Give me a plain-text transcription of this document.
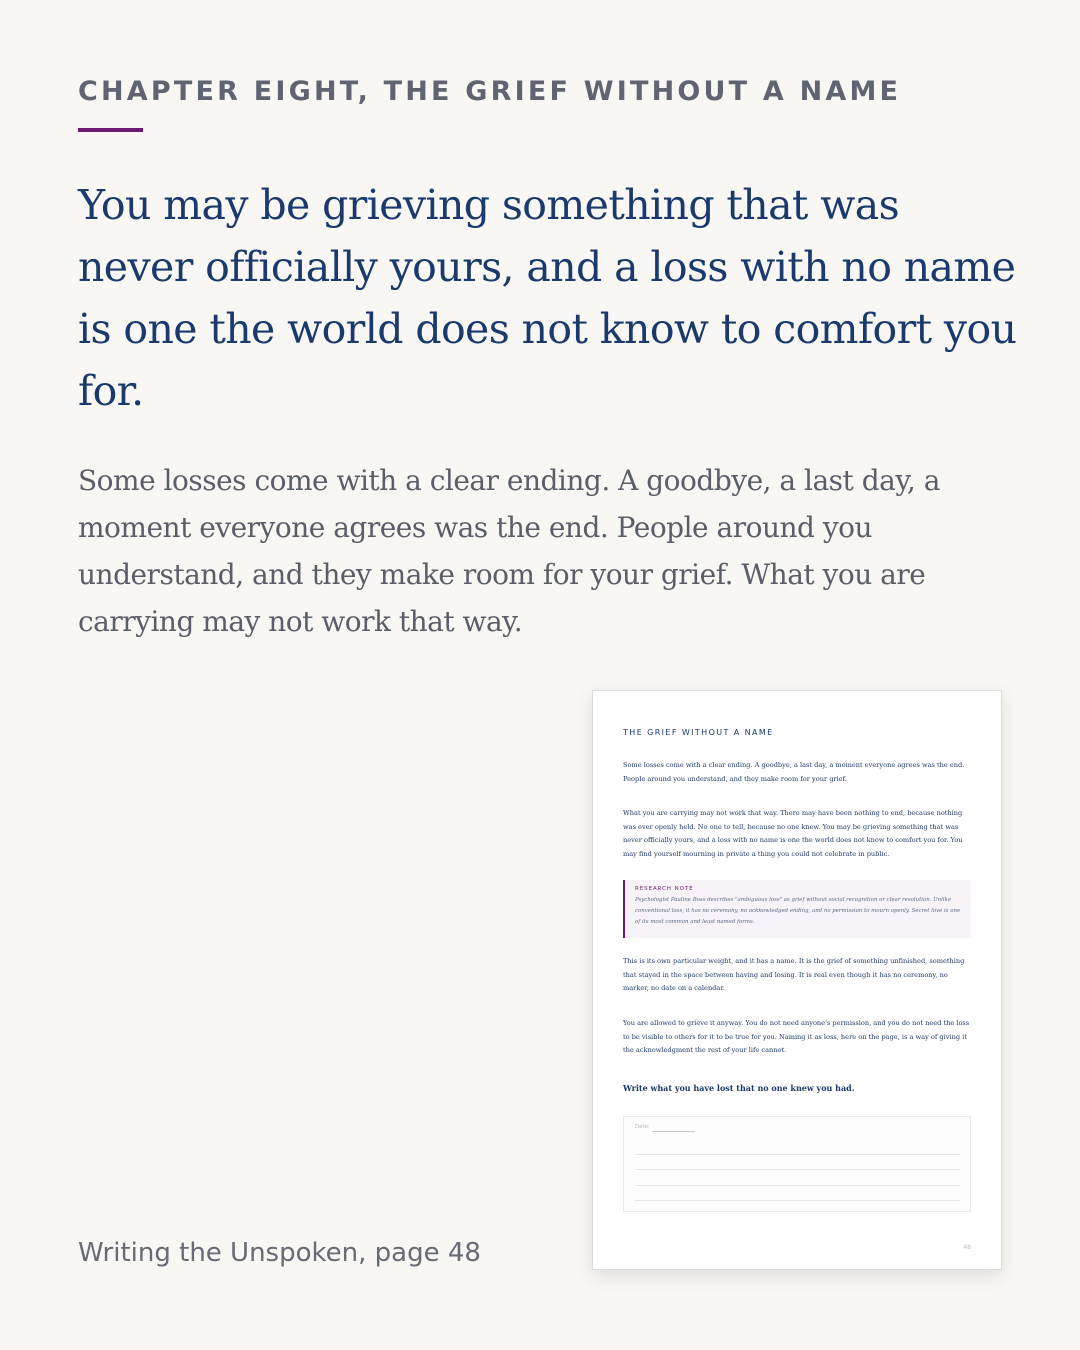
CHAPTER EIGHT, THE GRIEF WITHOUT A NAME
You may be grieving something that was never officially yours, and a loss with no name is one the world does not know to comfort you for.

Some losses come with a clear ending. A goodbye, a last day, a moment everyone agrees was the end. People around you understand, and they make room for your grief. What you are carrying may not work that way.

Writing the Unspoken, page 48
THE GRIEF WITHOUT A NAME

Some losses come with a clear ending. A goodbye, a last day, a moment everyone agrees was the end. People around you understand, and they make room for your grief.

What you are carrying may not work that way. There may have been nothing to end, because nothing was ever openly held. No one to tell, because no one knew. You may be grieving something that was never officially yours, and a loss with no name is one the world does not know to comfort you for. You may find yourself mourning in private a thing you could not celebrate in public.

RESEARCH NOTE

Psychologist Pauline Boss describes "ambiguous loss" as grief without social recognition or clear resolution. Unlike conventional loss, it has no ceremony, no acknowledged ending, and no permission to mourn openly. Secret love is one of its most common and least named forms.

This is its own particular weight, and it has a name. It is the grief of something unfinished, something that stayed in the space between having and losing. It is real even though it has no ceremony, no marker, no date on a calendar.

You are allowed to grieve it anyway. You do not need anyone's permission, and you do not need the loss to be visible to others for it to be true for you. Naming it as loss, here on the page, is a way of giving it the acknowledgment the rest of your life cannot.

Write what you have lost that no one knew you had.
Date:
48
